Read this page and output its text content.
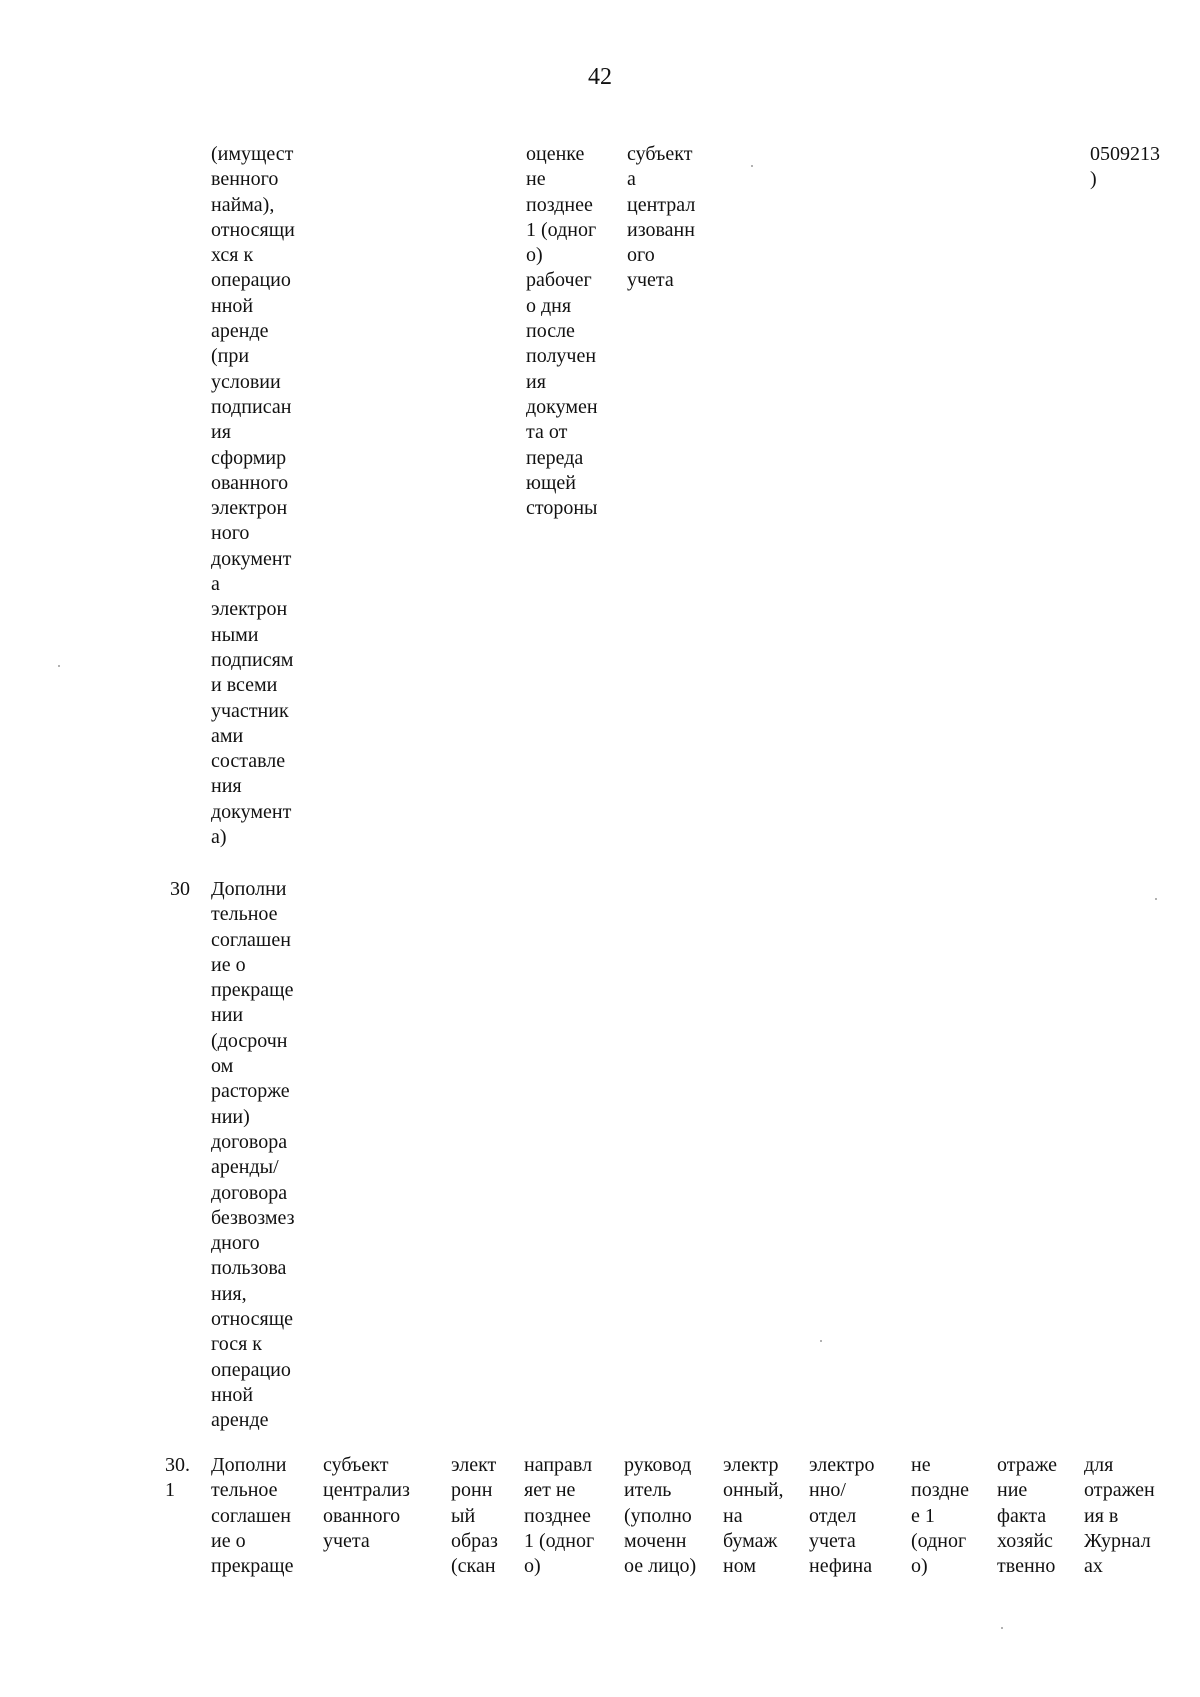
42
(имущест
венного
найма),
относящи
хся к
операцио
нной
аренде
(при
условии
подписан
ия
сформир
ованного
электрон
ного
документ
а
электрон
ными
подписям
и всеми
участник
ами
составле
ния
документ
а)
оценке
не
позднее
1 (одног
о)
рабочег
о дня
после
получен
ия
докумен
та от
переда
ющей
стороны
субъект
а
централ
изованн
ого
учета
0509213
)
30 Дополни
тельное
соглашен
ие о
прекраще
нии
(досрочн
ом
расторже
нии)
договора
аренды/
договора
безвозмез
дного
пользова
ния,
относяще
гося к
операцио
нной
аренде
30.
1
Дополни
тельное
соглашен
ие о
прекраще
субъект
централиз
ованного
учета
элект
ронн
ый
образ
(скан
направл
яет не
позднее
1 (одног
о)
руковод
итель
(уполно
моченн
ое лицо)
электр
онный,
на
бумаж
ном
электро
нно/
отдел
учета
нефина
не
поздне
е 1
(одног
о)
отраже
ние
факта
хозяйс
твенно
для
отражен
ия в
Журнал
ах
